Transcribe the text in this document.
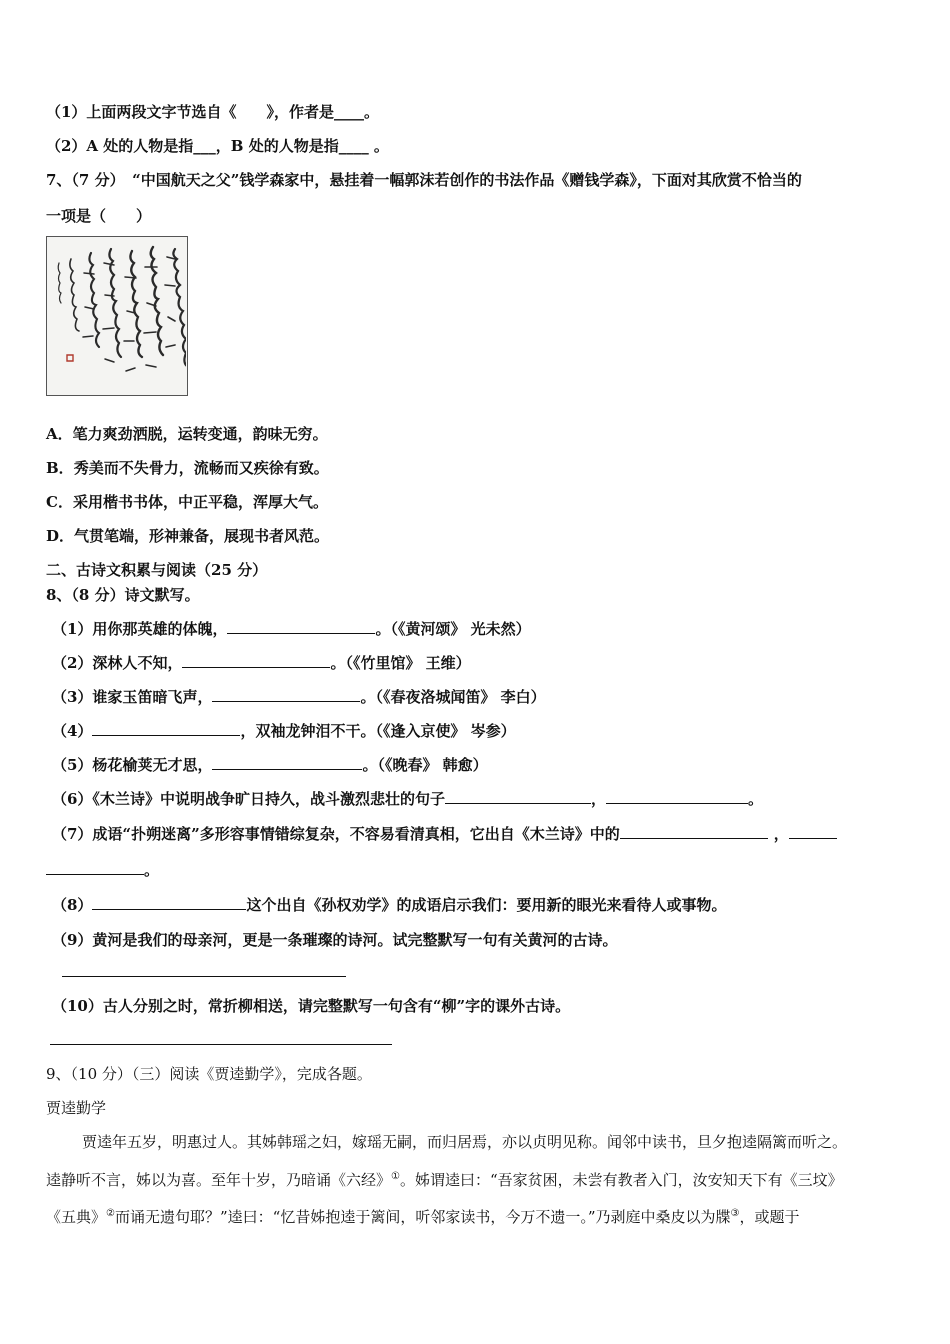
（1）上面两段文字节选自《　　》，作者是____。
（2）A 处的人物是指___，B 处的人物是指____ 。
7、（7 分）　“中国航天之父”钱学森家中，悬挂着一幅郭沫若创作的书法作品《赠钱学森》，下面对其欣赏不恰当的
一项是（　　）
A．笔力爽劲洒脱，运转变通，韵味无穷。
B．秀美而不失骨力，流畅而又疾徐有致。
C．采用楷书书体，中正平稳，浑厚大气。
D．气贯笔端，形神兼备，展现书者风范。
二、古诗文积累与阅读（25 分）
8、（8 分）诗文默写。
（1）用你那英雄的体魄，	。（《黄河颂》 光未然）
（2）深林人不知，	。（《竹里馆》 王维）
（3）谁家玉笛暗飞声，	。（《春夜洛城闻笛》 李白）
（4）	，双袖龙钟泪不干。（《逢入京使》 岑参）
（5）杨花榆荚无才思，	。（《晚春》 韩愈）
（6）《木兰诗》中说明战争旷日持久，战斗激烈悲壮的句子	，	。
（7）成语“扑朔迷离”多形容事情错综复杂，不容易看清真相，它出自《木兰诗》中的	，
。
（8）	这个出自《孙权劝学》的成语启示我们：要用新的眼光来看待人或事物。
（9）黄河是我们的母亲河，更是一条璀璨的诗河。试完整默写一句有关黄河的古诗。
（10）古人分别之时，常折柳相送，请完整默写一句含有“柳”字的课外古诗。
9、（10 分）（三）阅读《贾逵勤学》，完成各题。
贾逵勤学
贾逵年五岁，明惠过人。其姊韩瑶之妇，嫁瑶无嗣，而归居焉，亦以贞明见称。闻邻中读书，旦夕抱逵隔篱而听之。
逵静听不言，姊以为喜。至年十岁，乃暗诵《六经》①。姊谓逵曰：“吾家贫困，未尝有教者入门，汝安知天下有《三坟》
《五典》②而诵无遗句耶？”逵曰：“忆昔姊抱逵于篱间，听邻家读书，今万不遗一。”乃剥庭中桑皮以为牒③，或题于
